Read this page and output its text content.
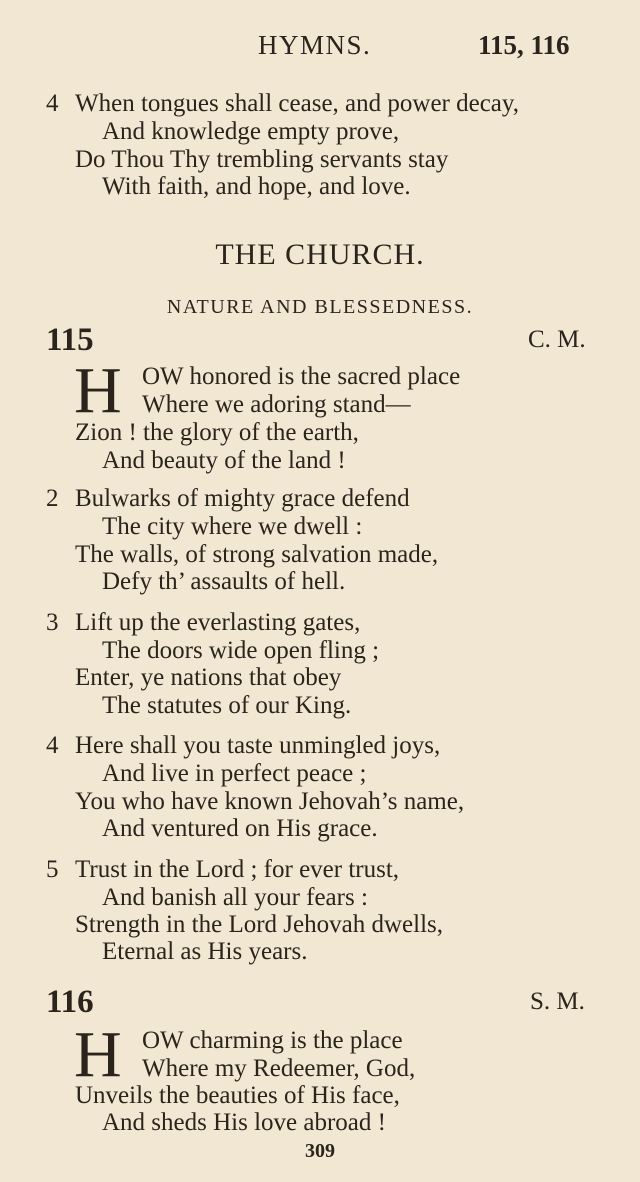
HYMNS.	115, 116
4 When tongues shall cease, and power decay,
And knowledge empty prove,
Do Thou Thy trembling servants stay
With faith, and hope, and love.
THE CHURCH.
NATURE AND BLESSEDNESS.
115	C. M.
H OW honored is the sacred place
Where we adoring stand—
Zion ! the glory of the earth,
And beauty of the land !
2 Bulwarks of mighty grace defend
The city where we dwell :
The walls, of strong salvation made,
Defy th’ assaults of hell.
3 Lift up the everlasting gates,
The doors wide open fling ;
Enter, ye nations that obey
The statutes of our King.
4 Here shall you taste unmingled joys,
And live in perfect peace ;
You who have known Jehovah’s name,
And ventured on His grace.
5 Trust in the Lord ; for ever trust,
And banish all your fears :
Strength in the Lord Jehovah dwells,
Eternal as His years.
116	S. M.
H OW charming is the place
Where my Redeemer, God,
Unveils the beauties of His face,
And sheds His love abroad !
309
